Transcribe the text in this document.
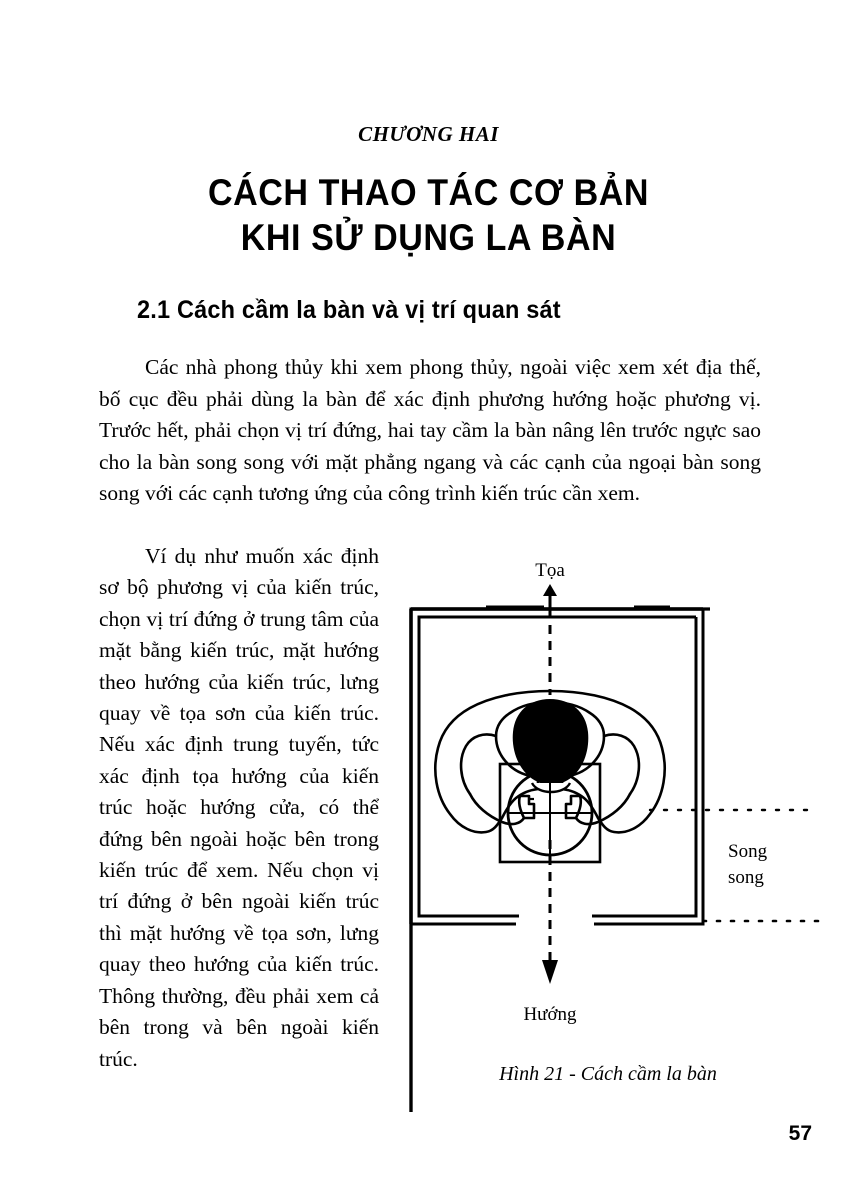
CHƯƠNG HAI
CÁCH THAO TÁC CƠ BẢN
KHI SỬ DỤNG LA BÀN
2.1 Cách cầm la bàn và vị trí quan sát
Các nhà phong thủy khi xem phong thủy, ngoài việc xem xét địa thế, bố cục đều phải dùng la bàn để xác định phương hướng hoặc phương vị. Trước hết, phải chọn vị trí đứng, hai tay cầm la bàn nâng lên trước ngực sao cho la bàn song song với mặt phẳng ngang và các cạnh của ngoại bàn song song với các cạnh tương ứng của công trình kiến trúc cần xem.
Ví dụ như muốn xác định sơ bộ phương vị của kiến trúc, chọn vị trí đứng ở trung tâm của mặt bằng kiến trúc, mặt hướng theo hướng của kiến trúc, lưng quay về tọa sơn của kiến trúc. Nếu xác định trung tuyến, tức xác định tọa hướng của kiến trúc hoặc hướng cửa, có thể đứng bên ngoài hoặc bên trong kiến trúc để xem. Nếu chọn vị trí đứng ở bên ngoài kiến trúc thì mặt hướng về tọa sơn, lưng quay theo hướng của kiến trúc. Thông thường, đều phải xem cả bên trong và bên ngoài kiến trúc.
Tọa
Hướng
Song
song
Hình 21 - Cách cầm la bàn
57
